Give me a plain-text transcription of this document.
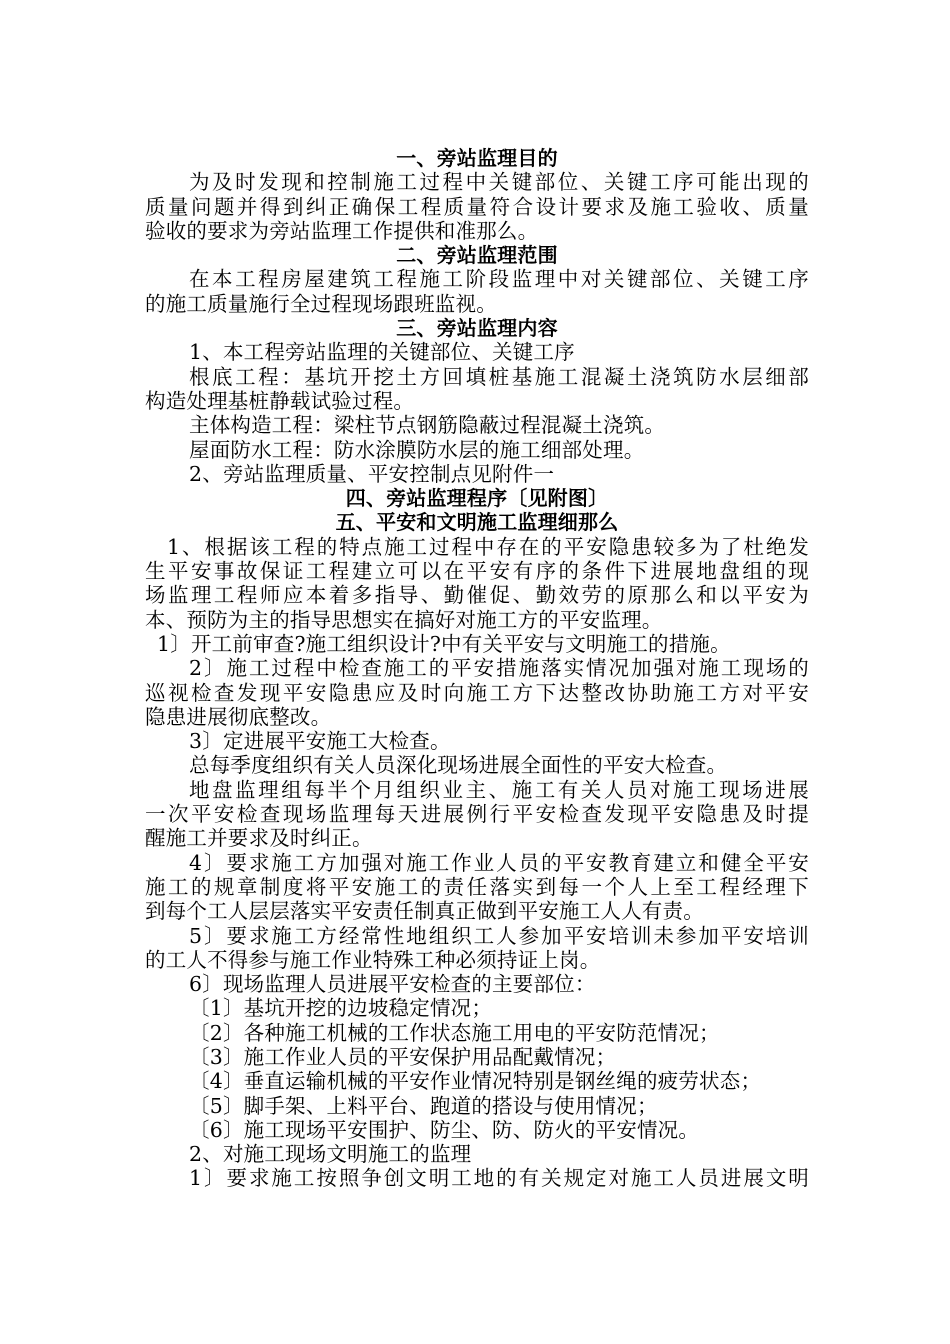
一、旁站监理目的
为及时发现和控制施工过程中关键部位、关键工序可能出现的
质量问题并得到纠正确保工程质量符合设计要求及施工验收、质量
验收的要求为旁站监理工作提供和准那么。
二、旁站监理范围
在本工程房屋建筑工程施工阶段监理中对关键部位、关键工序
的施工质量施行全过程现场跟班监视。
三、旁站监理内容
1、本工程旁站监理的关键部位、关键工序
根底工程：基坑开挖土方回填桩基施工混凝土浇筑防水层细部
构造处理基桩静载试验过程。
主体构造工程：梁柱节点钢筋隐蔽过程混凝土浇筑。
屋面防水工程：防水涂膜防水层的施工细部处理。
2、旁站监理质量、平安控制点见附件一
四、旁站监理程序〔见附图〕
五、平安和文明施工监理细那么
1、根据该工程的特点施工过程中存在的平安隐患较多为了杜绝发
生平安事故保证工程建立可以在平安有序的条件下进展地盘组的现
场监理工程师应本着多指导、勤催促、勤效劳的原那么和以平安为
本、预防为主的指导思想实在搞好对施工方的平安监理。
1〕开工前审查?施工组织设计?中有关平安与文明施工的措施。
2〕施工过程中检查施工的平安措施落实情况加强对施工现场的
巡视检查发现平安隐患应及时向施工方下达整改协助施工方对平安
隐患进展彻底整改。
3〕定进展平安施工大检查。
总每季度组织有关人员深化现场进展全面性的平安大检查。
地盘监理组每半个月组织业主、施工有关人员对施工现场进展
一次平安检查现场监理每天进展例行平安检查发现平安隐患及时提
醒施工并要求及时纠正。
4〕要求施工方加强对施工作业人员的平安教育建立和健全平安
施工的规章制度将平安施工的责任落实到每一个人上至工程经理下
到每个工人层层落实平安责任制真正做到平安施工人人有责。
5〕要求施工方经常性地组织工人参加平安培训未参加平安培训
的工人不得参与施工作业特殊工种必须持证上岗。
6〕现场监理人员进展平安检查的主要部位：
〔1〕基坑开挖的边坡稳定情况；
〔2〕各种施工机械的工作状态施工用电的平安防范情况；
〔3〕施工作业人员的平安保护用品配戴情况；
〔4〕垂直运输机械的平安作业情况特别是钢丝绳的疲劳状态；
〔5〕脚手架、上料平台、跑道的搭设与使用情况；
〔6〕施工现场平安围护、防尘、防、防火的平安情况。
2、对施工现场文明施工的监理
1〕要求施工按照争创文明工地的有关规定对施工人员进展文明
